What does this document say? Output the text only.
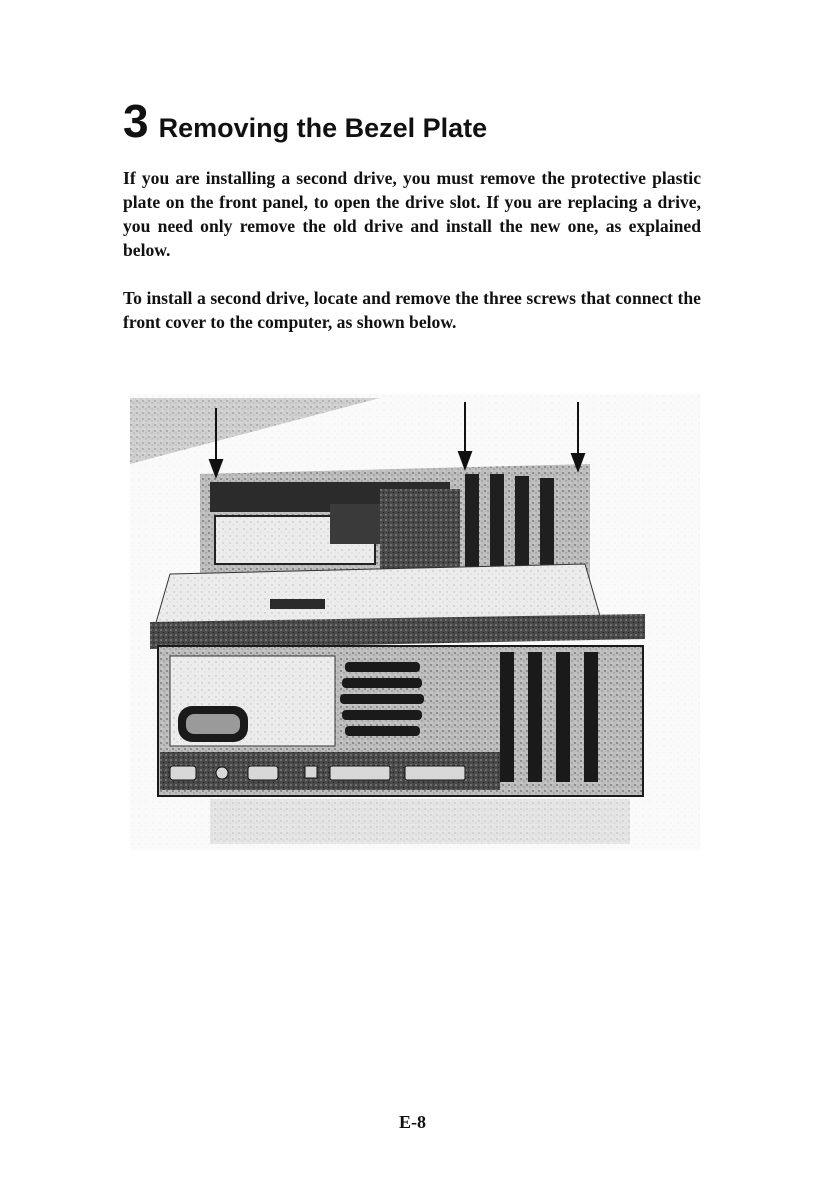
3 Removing the Bezel Plate

If you are installing a second drive, you must remove the protective plastic plate on the front panel, to open the drive slot. If you are replacing a drive, you need only remove the old drive and install the new one, as explained below.

To install a second drive, locate and remove the three screws that connect the front cover to the computer, as shown below.

E-8
